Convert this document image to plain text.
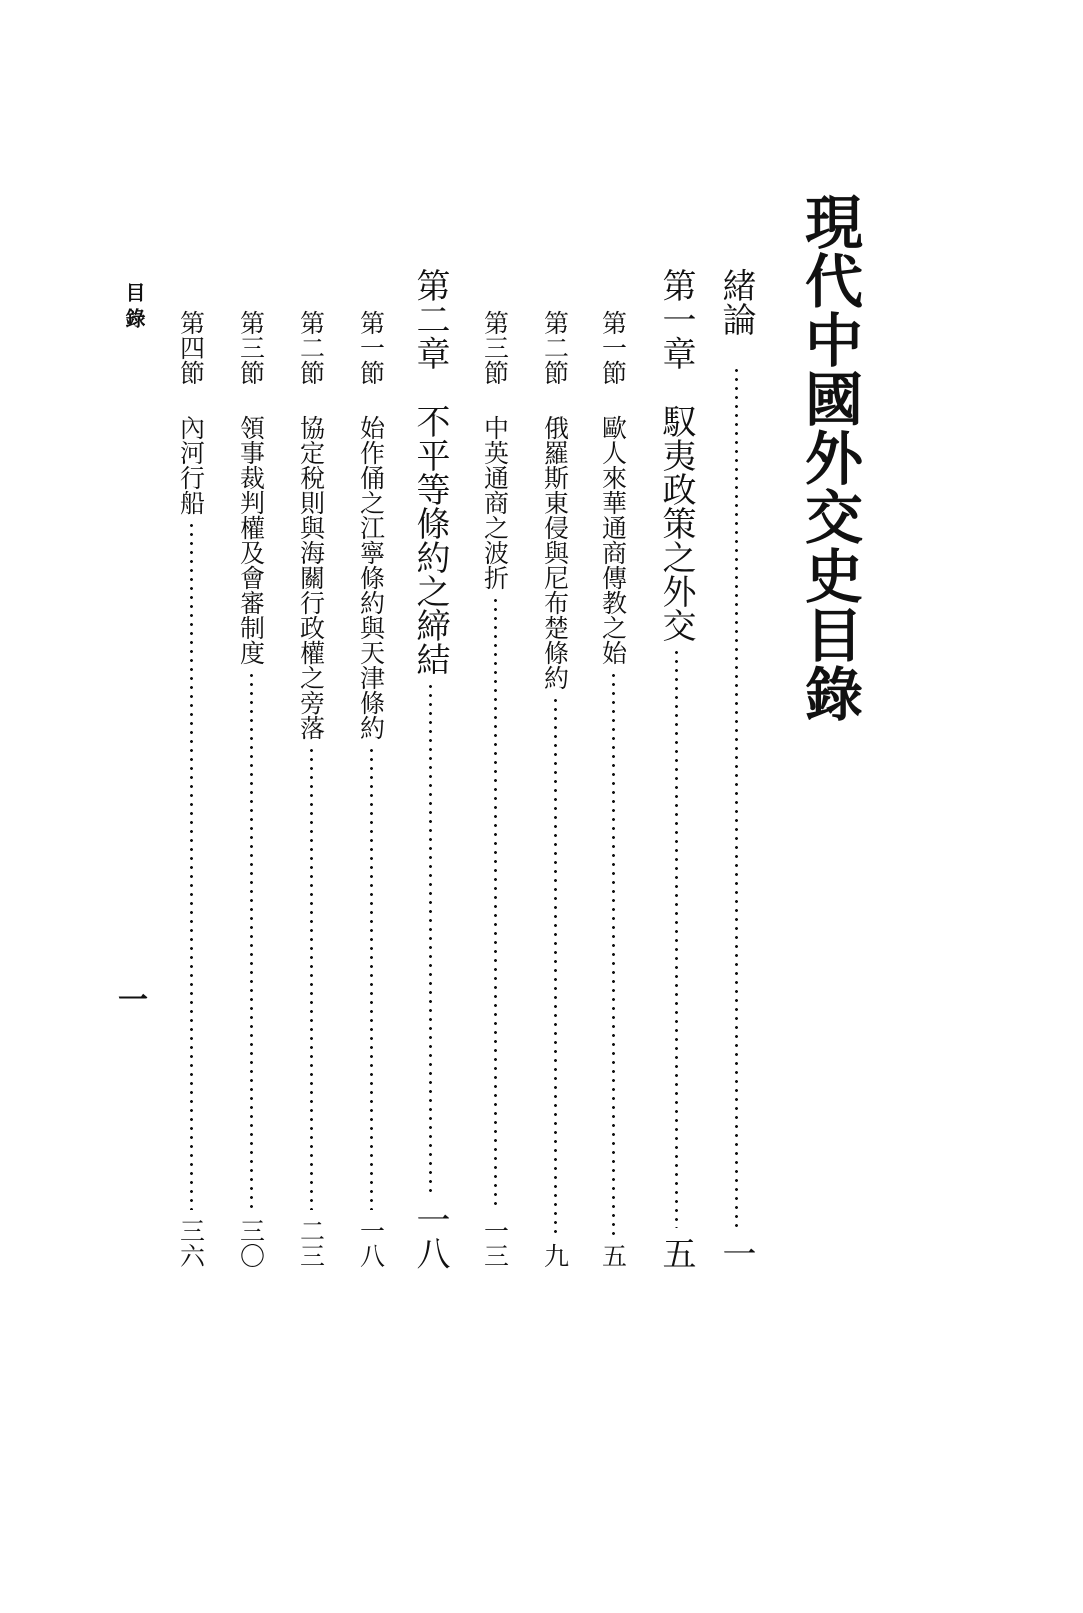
現代中國外交史目錄
緒論
一
第一章
馭夷政策之外交
五
第一節
歐人來華通商傳教之始
五
第二節
俄羅斯東侵與尼布楚條約
九
第三節
中英通商之波折
一三
第二章
不平等條約之締結
一八
第一節
始作俑之江寧條約與天津條約
一八
第二節
協定稅則與海關行政權之旁落
二三
第三節
領事裁判權及會審制度
三〇
第四節
內河行船
三六
目錄
一
